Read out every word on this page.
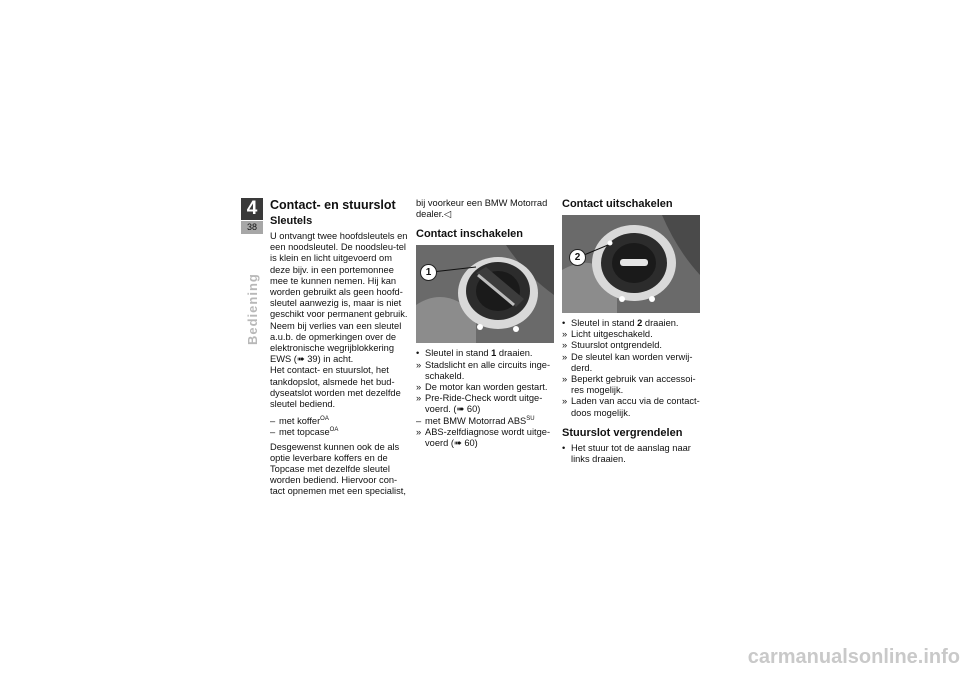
4
38
Bediening
Contact- en stuurslot
Sleutels

U ontvangt twee hoofdsleutels en een noodsleutel. De noodsleu-tel is klein en licht uitgevoerd om deze bijv. in een portemonnee mee te kunnen nemen. Hij kan worden gebruikt als geen hoofd-sleutel aanwezig is, maar is niet geschikt voor permanent gebruik. Neem bij verlies van een sleutel a.u.b. de opmerkingen over de elektronische wegrijblokkering EWS (➠ 39) in acht.
Het contact- en stuurslot, het tankdopslot, alsmede het bud-dyseatslot worden met dezelfde sleutel bediend.

– met koffer$^{OA}$
– met topcase$^{OA}$

Desgewenst kunnen ook de als optie leverbare koffers en de Topcase met dezelfde sleutel worden bediend. Hiervoor con-tact opnemen met een specialist,

bij voorkeur een BMW Motorrad dealer.◁

Contact inschakelen
1
• Sleutel in stand 1 draaien.
» Stadslicht en alle circuits inge-schakeld.
» De motor kan worden gestart.
» Pre-Ride-Check wordt uitge-voerd. (➠ 60)
– met BMW Motorrad $ABS^{SU}$
» ABS-zelfdiagnose wordt uitge-voerd (➠ 60)
Contact uitschakelen
2
• Sleutel in stand 2 draaien.
» Licht uitgeschakeld.
» Stuurslot ontgrendeld.
» De sleutel kan worden verwij-derd.
» Beperkt gebruik van accessoi-res mogelijk.
» Laden van accu via de contact-doos mogelijk.
Stuurslot vergrendelen
• Het stuur tot de aanslag naar links draaien.
carmanualsonline.info
